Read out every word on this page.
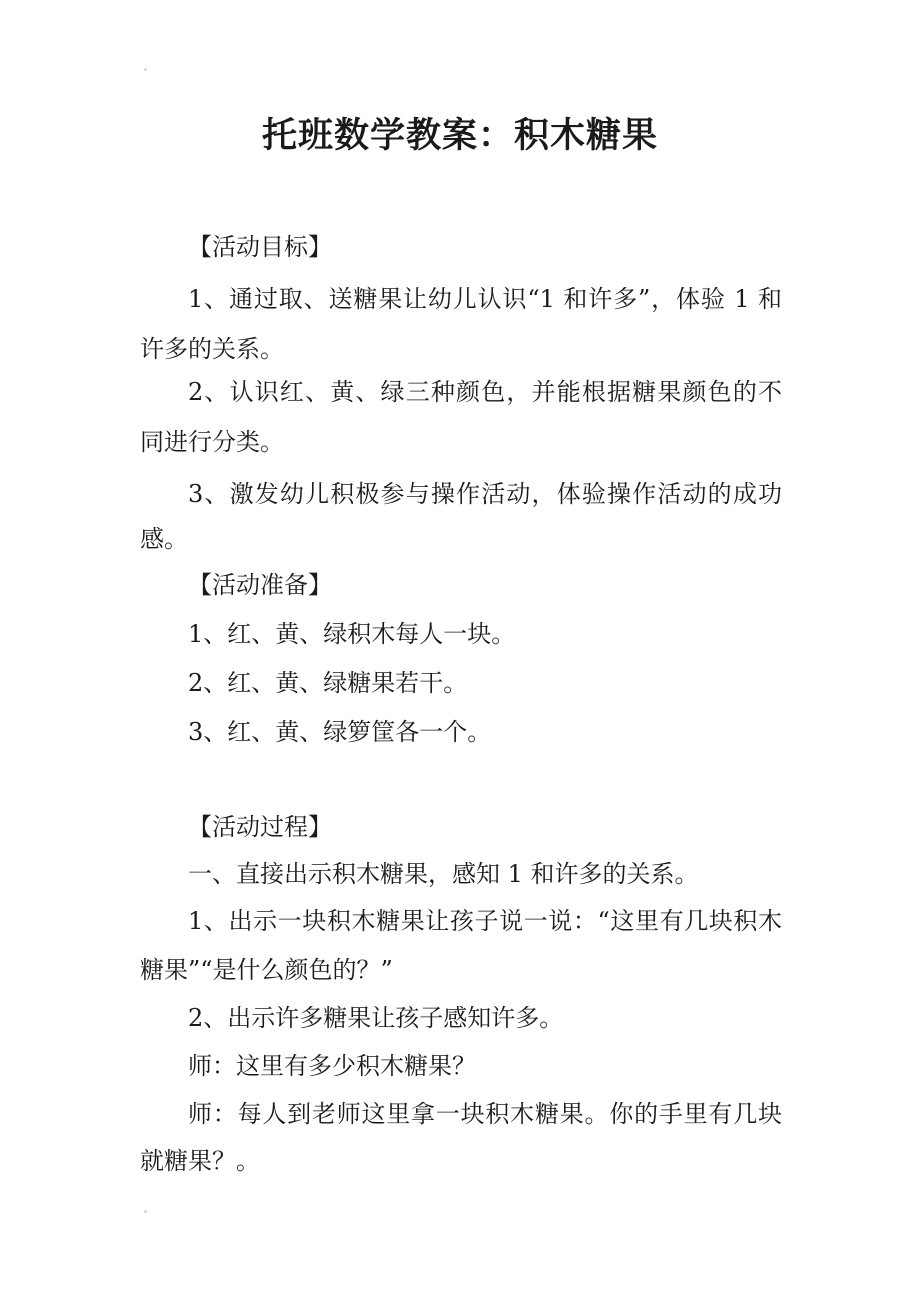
托班数学教案：积木糖果
【活动目标】
1、通过取、送糖果让幼儿认识“1 和许多”，体验 1 和
许多的关系。
2、认识红、黄、绿三种颜色，并能根据糖果颜色的不
同进行分类。
3、激发幼儿积极参与操作活动，体验操作活动的成功
感。
【活动准备】
1、红、黄、绿积木每人一块。
2、红、黄、绿糖果若干。
3、红、黄、绿箩筐各一个。
【活动过程】
一、直接出示积木糖果，感知 1 和许多的关系。
1、出示一块积木糖果让孩子说一说：“这里有几块积木
糖果”“是什么颜色的？”
2、出示许多糖果让孩子感知许多。
师：这里有多少积木糖果？
师：每人到老师这里拿一块积木糖果。你的手里有几块
就糖果？。
